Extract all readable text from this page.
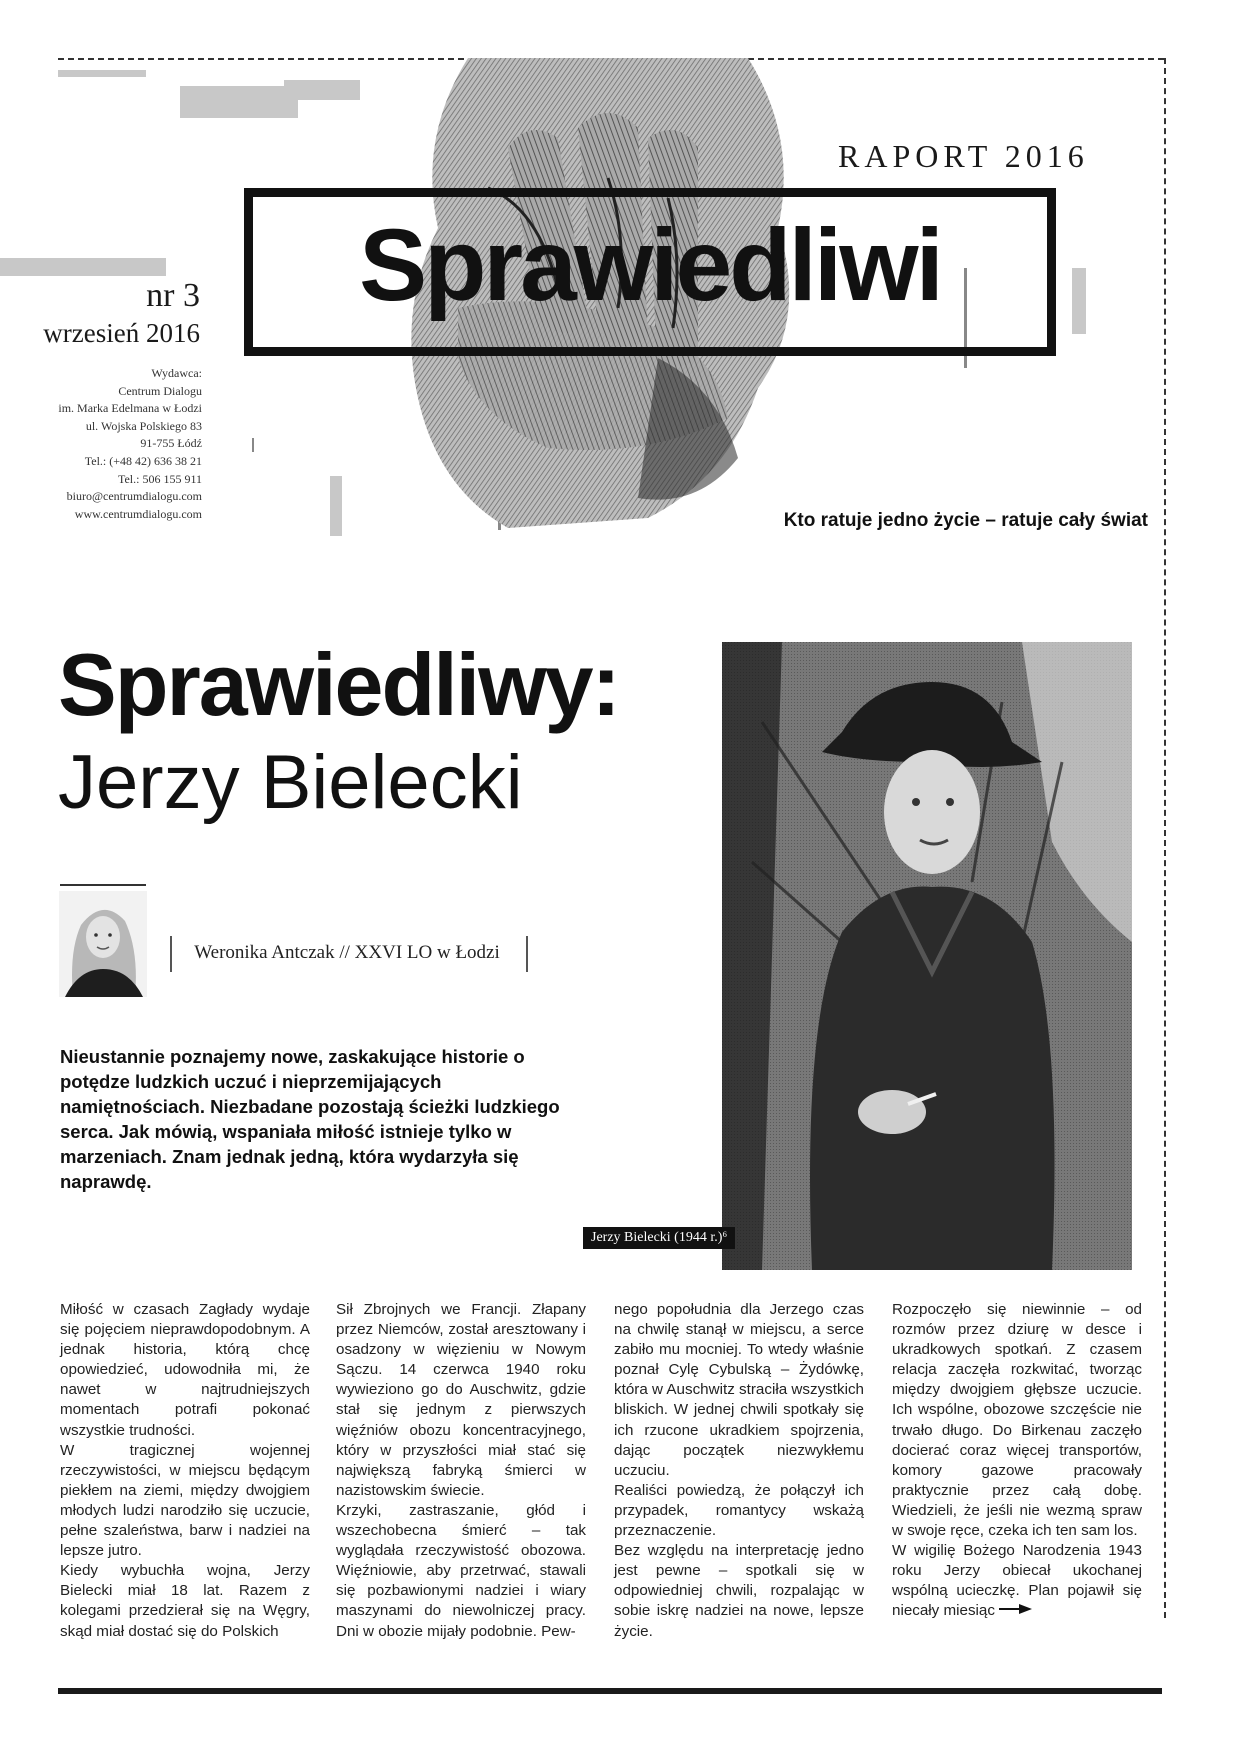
RAPORT 2016
Sprawiedliwi
Kto ratuje jedno życie – ratuje cały świat
nr 3
wrzesień 2016
Wydawca:
Centrum Dialogu
im. Marka Edelmana w Łodzi
ul. Wojska Polskiego 83
91-755 Łódź
Tel.: (+48 42) 636 38 21
Tel.: 506 155 911
biuro@centrumdialogu.com
www.centrumdialogu.com
Sprawiedliwy:
Jerzy Bielecki
Weronika Antczak // XXVI LO w Łodzi
Nieustannie poznajemy nowe, zaskakujące historie o potędze ludzkich uczuć i nieprzemijających namiętnościach. Niezbadane pozostają ścieżki ludzkiego serca. Jak mówią, wspaniała miłość istnieje tylko w marzeniach. Znam jednak jedną, która wydarzyła się naprawdę.
Jerzy Bielecki (1944 r.)⁶

Miłość w czasach Zagłady wydaje się pojęciem nieprawdopodobnym. A jednak historia, którą chcę opowiedzieć, udowodniła mi, że nawet w najtrudniejszych momentach potrafi pokonać wszystkie trudności.

W tragicznej wojennej rzeczywistości, w miejscu będącym piekłem na ziemi, między dwojgiem młodych ludzi narodziło się uczucie, pełne szaleństwa, barw i nadziei na lepsze jutro.

Kiedy wybuchła wojna, Jerzy Bielecki miał 18 lat. Razem z kolegami przedzierał się na Węgry, skąd miał dostać się do Polskich

Sił Zbrojnych we Francji. Złapany przez Niemców, został aresztowany i osadzony w więzieniu w Nowym Sączu. 14 czerwca 1940 roku wywieziono go do Auschwitz, gdzie stał się jednym z pierwszych więźniów obozu koncentracyjnego, który w przyszłości miał stać się największą fabryką śmierci w nazistowskim świecie.

Krzyki, zastraszanie, głód i wszechobecna śmierć – tak wyglądała rzeczywistość obozowa. Więźniowie, aby przetrwać, stawali się pozbawionymi nadziei i wiary maszynami do niewolniczej pracy. Dni w obozie mijały podobnie. Pew-

nego popołudnia dla Jerzego czas na chwilę stanął w miejscu, a serce zabiło mu mocniej. To wtedy właśnie poznał Cylę Cybulską – Żydówkę, która w Auschwitz straciła wszystkich bliskich. W jednej chwili spotkały się ich rzucone ukradkiem spojrzenia, dając początek niezwykłemu uczuciu.

Realiści powiedzą, że połączył ich przypadek, romantycy wskażą przeznaczenie.

Bez względu na interpretację jedno jest pewne – spotkali się w odpowiedniej chwili, rozpalając w sobie iskrę nadziei na nowe, lepsze życie.

Rozpoczęło się niewinnie – od rozmów przez dziurę w desce i ukradkowych spotkań. Z czasem relacja zaczęła rozkwitać, tworząc między dwojgiem głębsze uczucie. Ich wspólne, obozowe szczęście nie trwało długo. Do Birkenau zaczęło docierać coraz więcej transportów, komory gazowe pracowały praktycznie przez całą dobę. Wiedzieli, że jeśli nie wezmą spraw w swoje ręce, czeka ich ten sam los.

W wigilię Bożego Narodzenia 1943 roku Jerzy obiecał ukochanej wspólną ucieczkę. Plan pojawił się niecały miesiąc
